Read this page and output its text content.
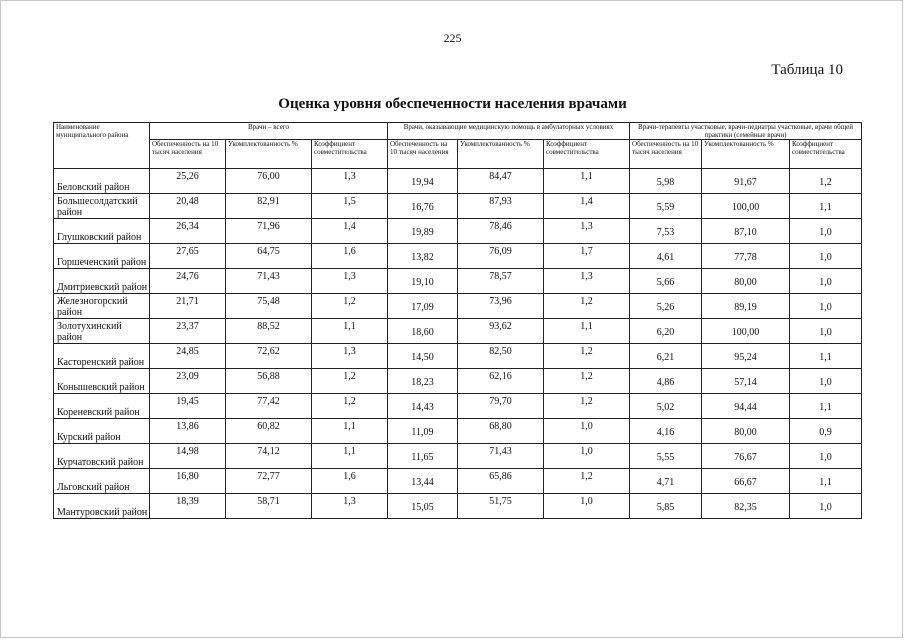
225
Таблица 10
Оценка уровня обеспеченности населения врачами
Наименование муниципального района	Врачи – всего			Врачи, оказывающие медицинскую помощь в амбулаторных условиях			Врачи-терапевты участковые, врачи-педиатры участковые, врачи общей практики (семейные врачи)		
	Обеспеченность на 10 тысяч населения	Укомплектованность %	Коэффициент совместительства	Обеспеченность на 10 тысяч населения	Укомплектованность %	Коэффициент совместительства	Обеспеченность на 10 тысяч населения	Укомплектованность %	Коэффициент совместительства

Беловский район	25,26	76,00	1,3	19,94	84,47	1,1	5,98	91,67	1,2

Большесолдатский район	20,48	82,91	1,5	16,76	87,93	1,4	5,59	100,00	1,1

Глушковский район	26,34	71,96	1,4	19,89	78,46	1,3	7,53	87,10	1,0

Горшеченский район	27,65	64,75	1,6	13,82	76,09	1,7	4,61	77,78	1,0

Дмитриевский район	24,76	71,43	1,3	19,10	78,57	1,3	5,66	80,00	1,0

Железногорский район	21,71	75,48	1,2	17,09	73,96	1,2	5,26	89,19	1,0

Золотухинский район	23,37	88,52	1,1	18,60	93,62	1,1	6,20	100,00	1,0

Касторенский район	24,85	72,62	1,3	14,50	82,50	1,2	6,21	95,24	1,1

Конышевский район	23,09	56,88	1,2	18,23	62,16	1,2	4,86	57,14	1,0

Кореневский район	19,45	77,42	1,2	14,43	79,70	1,2	5,02	94,44	1,1

Курский район	13,86	60,82	1,1	11,09	68,80	1,0	4,16	80,00	0,9

Курчатовский район	14,98	74,12	1,1	11,65	71,43	1,0	5,55	76,67	1,0

Льговский район	16,80	72,77	1,6	13,44	65,86	1,2	4,71	66,67	1,1

Мантуровский район	18,39	58,71	1,3	15,05	51,75	1,0	5,85	82,35	1,0
